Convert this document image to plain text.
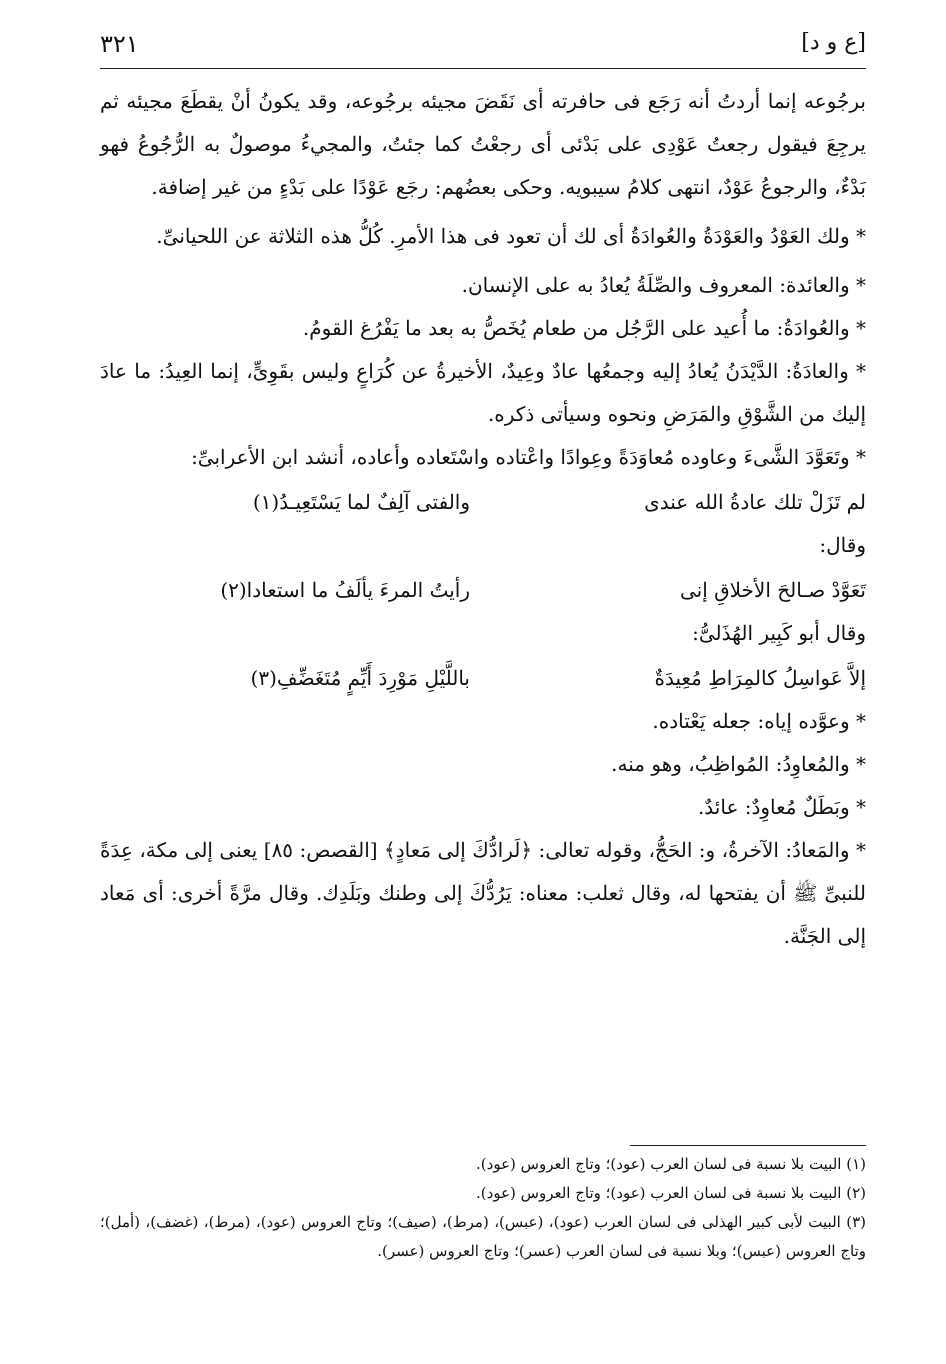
[ع و د]
٣٢١

برجُوعه إنما أردتُ أنه رَجَع فى حافرته أى نَقَضَ مجيئه برجُوعه، وقد يكونُ أنْ يقطَعَ مجيئه ثم يرجِعَ فيقول رجعتُ عَوْدِى على بَدْئى أى رجعْتُ كما جئتُ، والمجيءُ موصولٌ به الرُّجُوعُ فهو بَدْءٌ، والرجوعُ عَوْدٌ، انتهى كلامُ سيبويه. وحكى بعضُهم: رجَع عَوْدًا على بَدْءٍ من غير إضافة.

* ولك العَوْدُ والعَوْدَةُ والعُوادَةُ أى لك أن تعود فى هذا الأمرِ. كُلُّ هذه الثلاثة عن اللحيانىِّ.

* والعائدة: المعروف والصِّلَةُ يُعادُ به على الإنسان.

* والعُوادَةُ: ما أُعيد على الرَّجُل من طعام يُخَصُّ به بعد ما يَفْرُغ القومُ.

* والعادَةُ: الدَّيْدَنُ يُعادُ إليه وجمعُها عادٌ وعِيدٌ، الأخيرةُ عن كُرَاعٍ وليس بقَوِىٍّ، إنما العِيدُ: ما عادَ إليك من الشَّوْقِ والمَرَضِ ونحوه وسيأتى ذكره.

* وتَعَوَّدَ الشَّىءَ وعاوده مُعاوَدَةً وعِوادًا واعْتاده واسْتَعاده وأعاده، أنشد ابن الأعرابىِّ:

لم تَزَلْ تلك عادةُ الله عندى
والفتى آلِفٌ لما يَسْتَعِيـدُ(١)
وقال:
تَعَوَّدْ صـالحَ الأخلاقِ إنى
رأيتُ المرءَ يألَفُ ما استعادا(٢)
وقال أبو كَبِير الهُذَلىُّ:
إلاَّ عَواسِلُ كالمِرَاطِ مُعِيدَةٌ
باللَّيْلِ مَوْرِدَ أَيِّمٍ مُتَغَضِّفِ(٣)

* وعوَّده إياه: جعله يَعْتاده.

* والمُعاوِدُ: المُواظِبُ، وهو منه.

* وبَطَلٌ مُعاوِدٌ: عائدٌ.

* والمَعادُ: الآخرةُ، و: الحَجُّ، وقوله تعالى: ﴿لَرادُّكَ إلى مَعادٍ﴾ [القصص: ٨٥] يعنى إلى مكة، عِدَةً للنبىِّ ﷺ أن يفتحها له، وقال ثعلب: معناه: يَرُدُّكَ إلى وطنك وبَلَدِك. وقال مرَّةً أخرى: أى مَعاد إلى الجَنَّة.

(١) البيت بلا نسبة فى لسان العرب (عود)؛ وتاج العروس (عود).

(٢) البيت بلا نسبة فى لسان العرب (عود)؛ وتاج العروس (عود).

(٣) البيت لأبى كبير الهذلى فى لسان العرب (عود)، (عبس)، (مرط)، (صيف)؛ وتاج العروس (عود)، (مرط)، (غضف)، (أمل)؛ وتاج العروس (عبس)؛ وبلا نسبة فى لسان العرب (عسر)؛ وتاج العروس (عسر).
